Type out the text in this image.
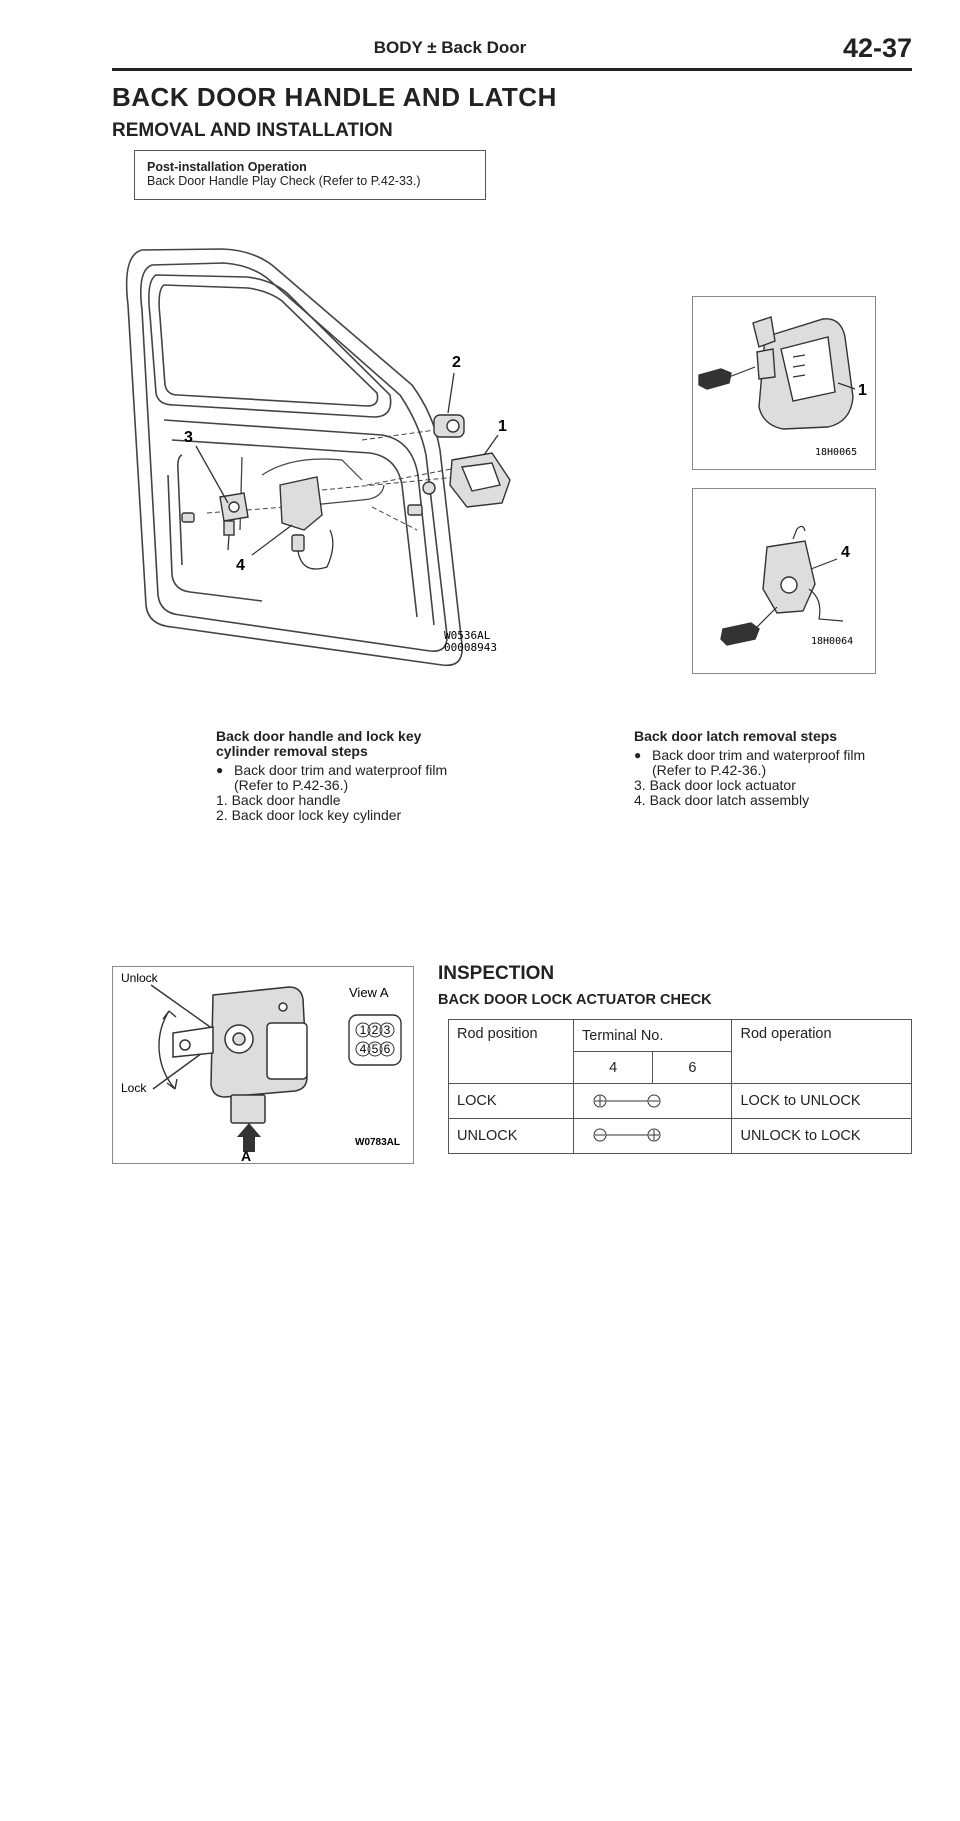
BODY ± Back Door	42-37
BACK DOOR HANDLE AND LATCH
REMOVAL AND INSTALLATION
Post-installation Operation
Back Door Handle Play Check (Refer to P.42-33.)
3
2
1
4
W0536AL
00008943
1
18H0065
4
18H0064
Back door handle and lock key
cylinder removal steps
● Back door trim and waterproof film
(Refer to P.42-36.)
1. Back door handle
2. Back door lock key cylinder
Back door latch removal steps
● Back door trim and waterproof film
(Refer to P.42-36.)
3. Back door lock actuator
4. Back door latch assembly
1 2 3
4 5 6
Unlock
Lock
View A
A
W0783AL
INSPECTION
BACK DOOR LOCK ACTUATOR CHECK
Rod position	Terminal No.		Rod operation
	4	6	
LOCK			LOCK to UNLOCK
UNLOCK			UNLOCK to LOCK
